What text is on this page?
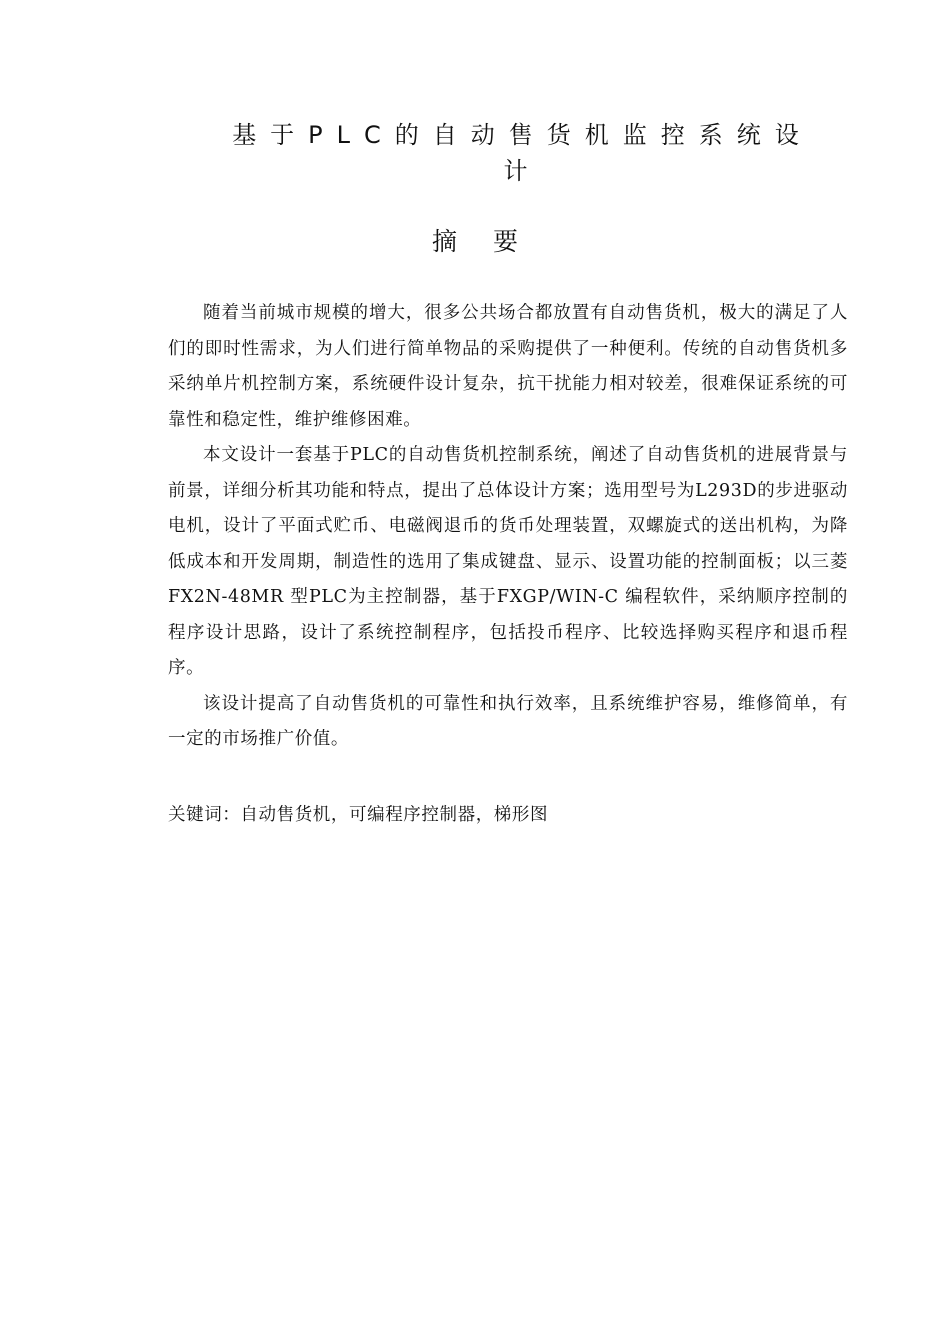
基于PLC的自动售货机监控系统设
计
摘要

随着当前城市规模的增大，很多公共场合都放置有自动售货机，极大的满足了人们的即时性需求，为人们进行简单物品的采购提供了一种便利。传统的自动售货机多采纳单片机控制方案，系统硬件设计复杂，抗干扰能力相对较差，很难保证系统的可靠性和稳定性，维护维修困难。

本文设计一套基于PLC的自动售货机控制系统，阐述了自动售货机的进展背景与前景，详细分析其功能和特点，提出了总体设计方案；选用型号为L293D的步进驱动电机，设计了平面式贮币、电磁阀退币的货币处理装置，双螺旋式的送出机构，为降低成本和开发周期，制造性的选用了集成键盘、显示、设置功能的控制面板；以三菱FX2N-48MR 型PLC为主控制器，基于FXGP/WIN-C 编程软件，采纳顺序控制的程序设计思路，设计了系统控制程序，包括投币程序、比较选择购买程序和退币程序。

该设计提高了自动售货机的可靠性和执行效率，且系统维护容易，维修简单，有一定的市场推广价值。

关键词：自动售货机，可编程序控制器，梯形图
